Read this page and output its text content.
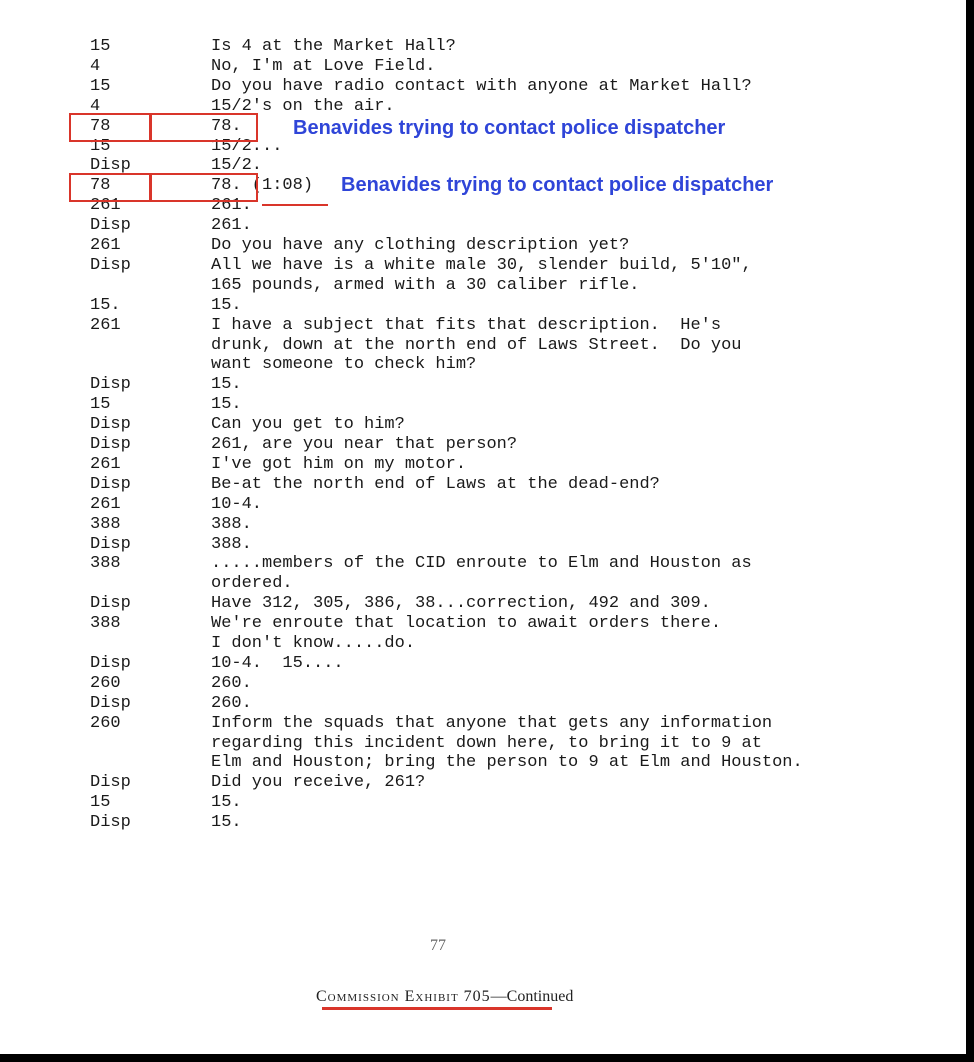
15	Is 4 at the Market Hall?
4	No, I'm at Love Field.
15	Do you have radio contact with anyone at Market Hall?
4	15/2's on the air.
78	78.
15	15/2...
Disp	15/2.
78	78. (1:08)
261	261.
Disp	261.
261	Do you have any clothing description yet?
Disp	All we have is a white male 30, slender build, 5'10",
165 pounds, armed with a 30 caliber rifle.
15.	15.
261	I have a subject that fits that description.  He's
drunk, down at the north end of Laws Street.  Do you
want someone to check him?
Disp	15.
15	15.
Disp	Can you get to him?
Disp	261, are you near that person?
261	I've got him on my motor.
Disp	Be-at the north end of Laws at the dead-end?
261	10-4.
388	388.
Disp	388.
388	.....members of the CID enroute to Elm and Houston as
ordered.
Disp	Have 312, 305, 386, 38...correction, 492 and 309.
388	We're enroute that location to await orders there.
I don't know.....do.
Disp	10-4.  15....
260	260.
Disp	260.
260	Inform the squads that anyone that gets any information
regarding this incident down here, to bring it to 9 at
Elm and Houston; bring the person to 9 at Elm and Houston.
Disp	Did you receive, 261?
15	15.
Disp	15.
Benavides trying to contact police dispatcher
Benavides trying to contact police dispatcher
77
Commission Exhibit 705—Continued
